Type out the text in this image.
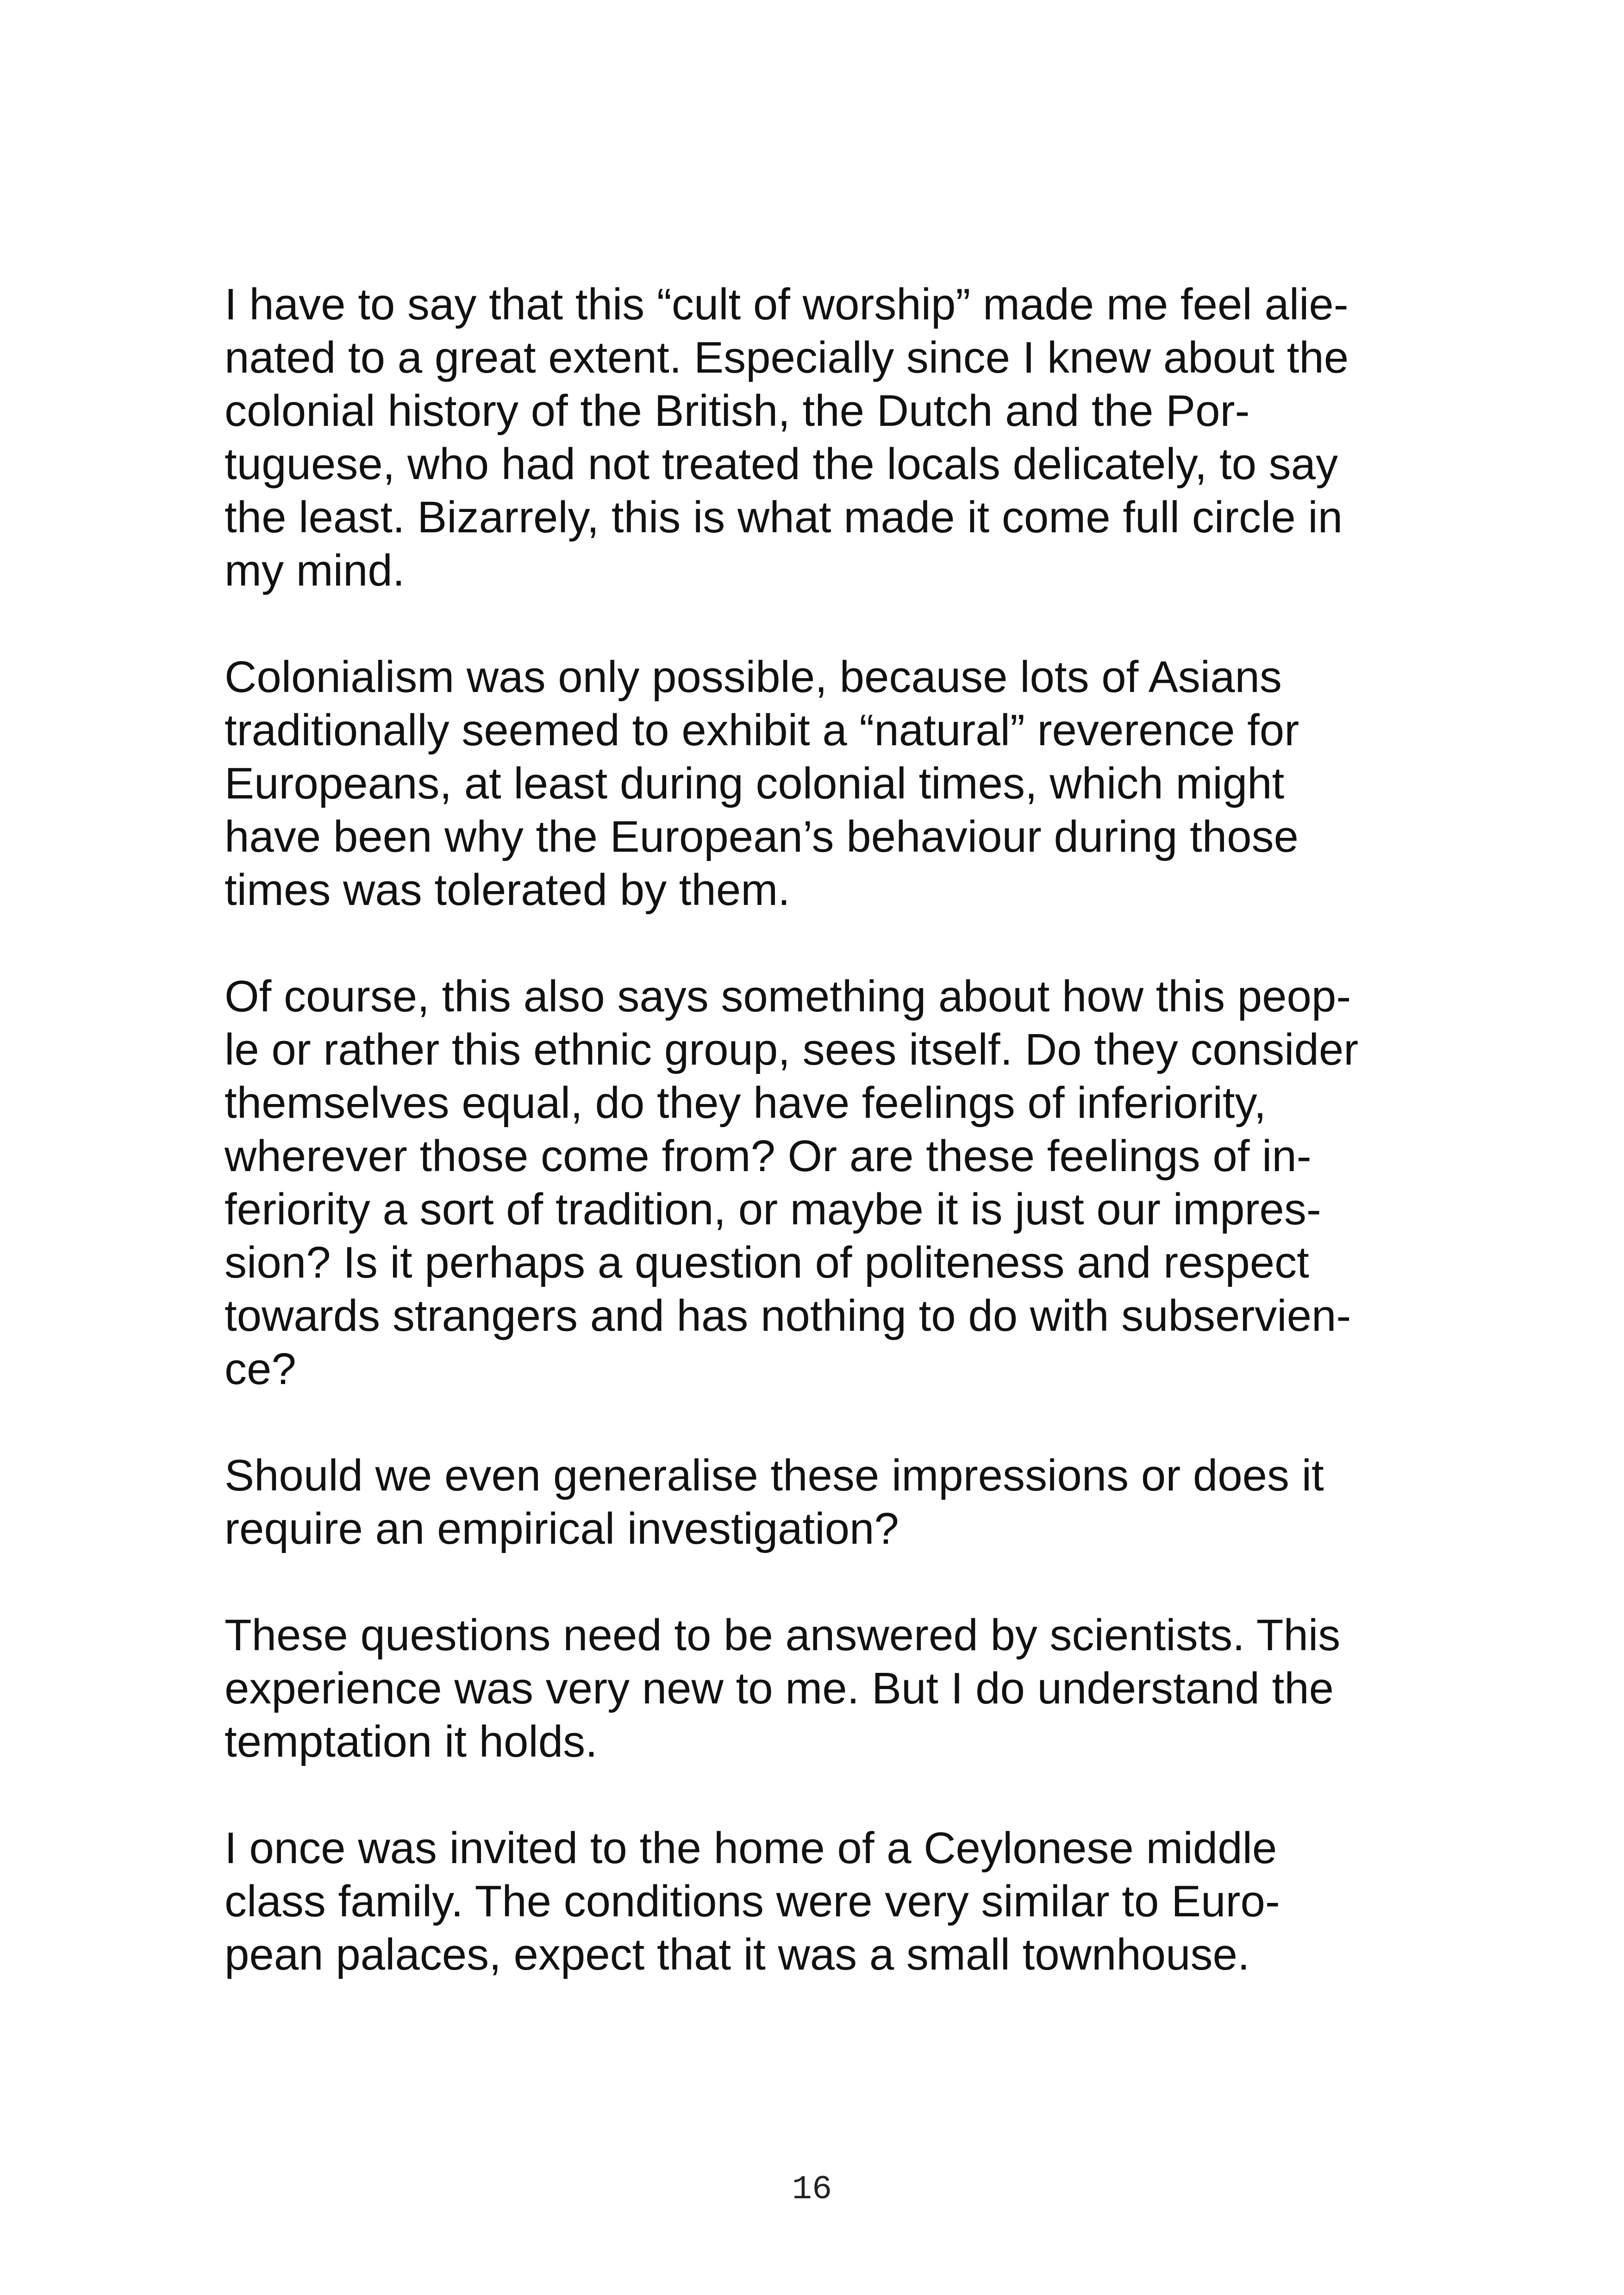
I have to say that this “cult of worship” made me feel alie-
nated to a great extent. Especially since I knew about the
colonial history of the British, the Dutch and the Por-
tuguese, who had not treated the locals delicately, to say
the least. Bizarrely, this is what made it come full circle in
my mind.

Colonialism was only possible, because lots of Asians
traditionally seemed to exhibit a “natural” reverence for
Europeans, at least during colonial times, which might
have been why the European’s behaviour during those
times was tolerated by them.

Of course, this also says something about how this peop-
le or rather this ethnic group, sees itself. Do they consider
themselves equal, do they have feelings of inferiority,
wherever those come from? Or are these feelings of in-
feriority a sort of tradition, or maybe it is just our impres-
sion? Is it perhaps a question of politeness and respect
towards strangers and has nothing to do with subservien-
ce?

Should we even generalise these impressions or does it
require an empirical investigation?

These questions need to be answered by scientists. This
experience was very new to me. But I do understand the
temptation it holds.

I once was invited to the home of a Ceylonese middle
class family. The conditions were very similar to Euro-
pean palaces, expect that it was a small townhouse.

16
